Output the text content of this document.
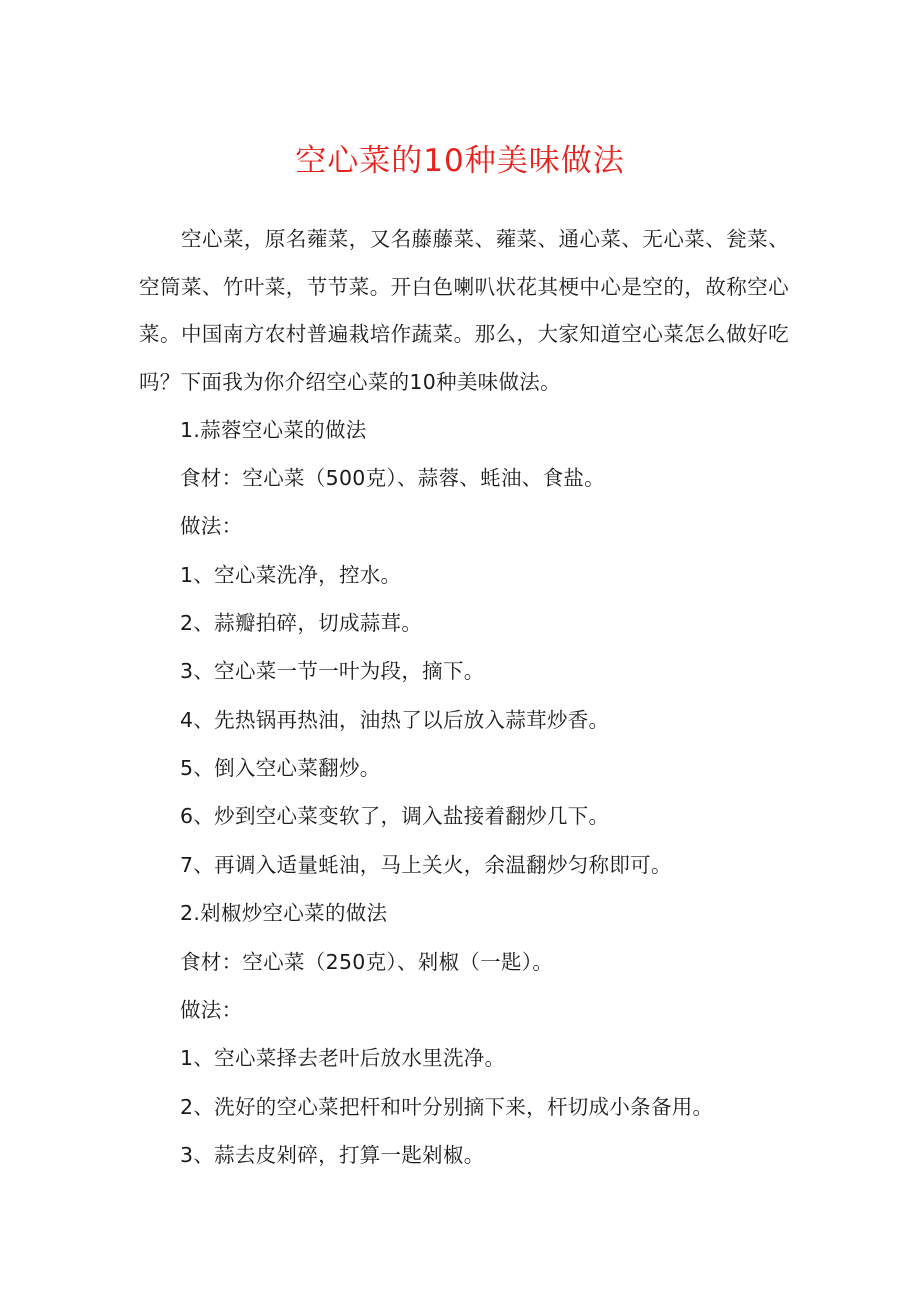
空心菜的10种美味做法

空心菜，原名蕹菜，又名藤藤菜、蕹菜、通心菜、无心菜、瓮菜、空筒菜、竹叶菜，节节菜。开白色喇叭状花其梗中心是空的，故称空心菜。中国南方农村普遍栽培作蔬菜。那么，大家知道空心菜怎么做好吃吗？下面我为你介绍空心菜的10种美味做法。

1.蒜蓉空心菜的做法
食材：空心菜（500克）、蒜蓉、蚝油、食盐。
做法：
1、空心菜洗净，控水。
2、蒜瓣拍碎，切成蒜茸。
3、空心菜一节一叶为段，摘下。
4、先热锅再热油，油热了以后放入蒜茸炒香。
5、倒入空心菜翻炒。
6、炒到空心菜变软了，调入盐接着翻炒几下。
7、再调入适量蚝油，马上关火，余温翻炒匀称即可。
2.剁椒炒空心菜的做法
食材：空心菜（250克）、剁椒（一匙）。
做法：
1、空心菜择去老叶后放水里洗净。
2、洗好的空心菜把杆和叶分别摘下来，杆切成小条备用。
3、蒜去皮剁碎，打算一匙剁椒。
